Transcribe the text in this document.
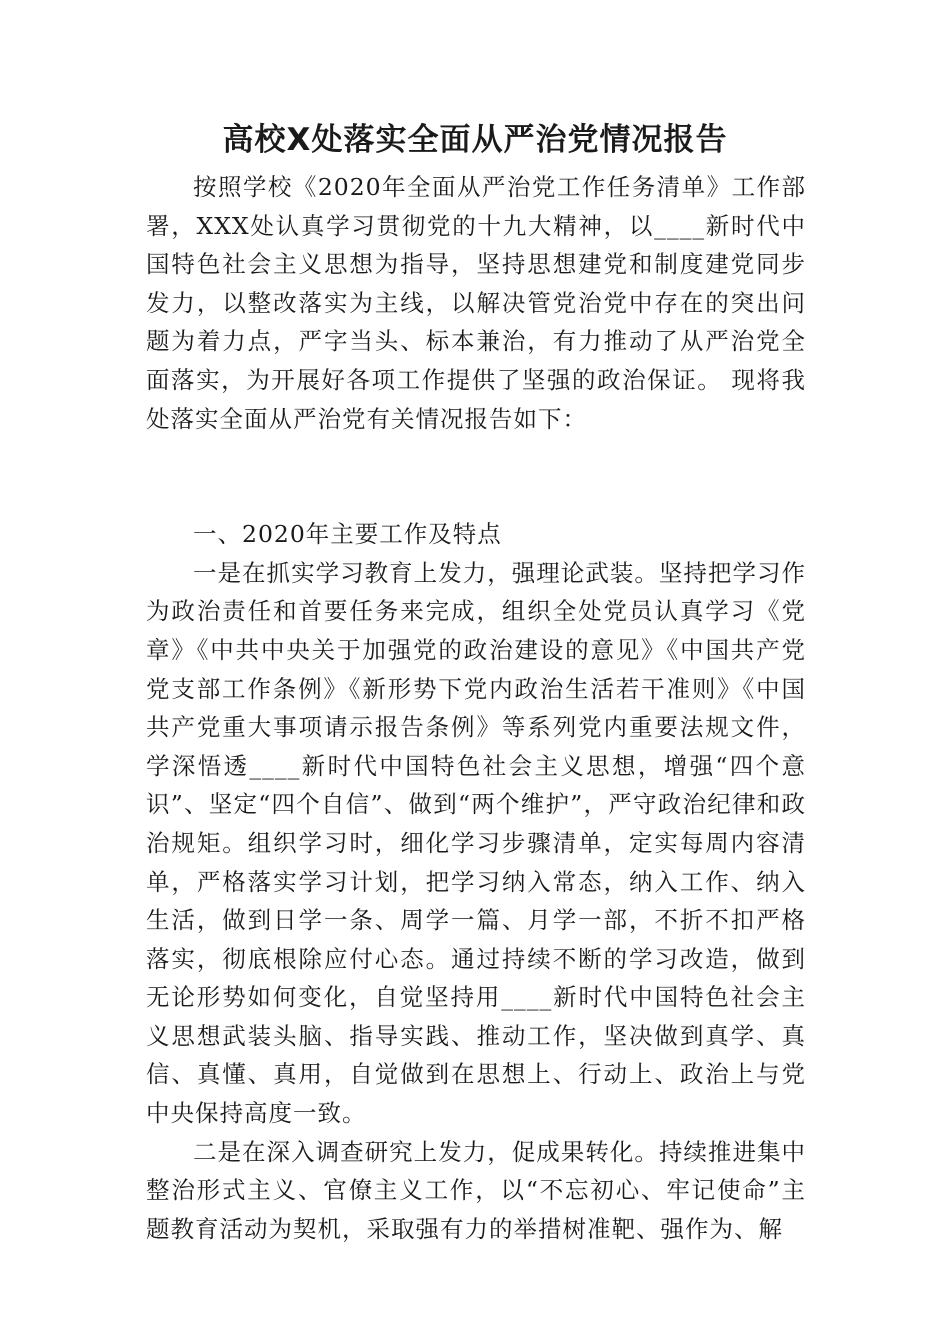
高校X处落实全面从严治党情况报告

按照学校《2020年全面从严治党工作任务清单》工作部署，XXX处认真学习贯彻党的十九大精神，以____新时代中国特色社会主义思想为指导，坚持思想建党和制度建党同步发力，以整改落实为主线，以解决管党治党中存在的突出问题为着力点，严字当头、标本兼治，有力推动了从严治党全面落实，为开展好各项工作提供了坚强的政治保证。 现将我处落实全面从严治党有关情况报告如下：

一、2020年主要工作及特点

一是在抓实学习教育上发力，强理论武装。坚持把学习作为政治责任和首要任务来完成，组织全处党员认真学习《党章》《中共中央关于加强党的政治建设的意见》《中国共产党党支部工作条例》《新形势下党内政治生活若干准则》《中国共产党重大事项请示报告条例》等系列党内重要法规文件，学深悟透____新时代中国特色社会主义思想，增强“四个意识”、坚定“四个自信”、做到“两个维护”，严守政治纪律和政治规矩。组织学习时，细化学习步骤清单，定实每周内容清单，严格落实学习计划，把学习纳入常态，纳入工作、纳入生活，做到日学一条、周学一篇、月学一部，不折不扣严格落实，彻底根除应付心态。通过持续不断的学习改造，做到无论形势如何变化，自觉坚持用____新时代中国特色社会主义思想武装头脑、指导实践、推动工作，坚决做到真学、真信、真懂、真用，自觉做到在思想上、行动上、政治上与党中央保持高度一致。

二是在深入调查研究上发力，促成果转化。持续推进集中整治形式主义、官僚主义工作，以“不忘初心、牢记使命”主题教育活动为契机，采取强有力的举措树准靶、强作为、解
